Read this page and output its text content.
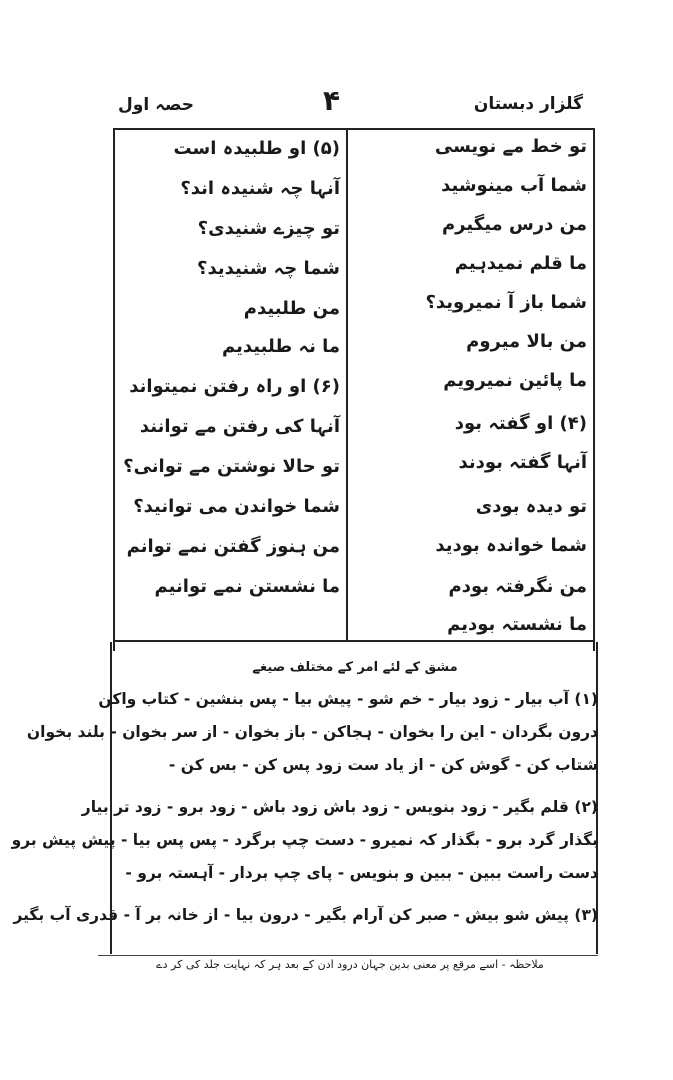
حصہ اول	۴	گلزار دبستان
تو خط مے نویسی
شما آب مینوشید
من درس میگیرم
ما قلم نمیدہیم
شما باز آ نمیروید؟
من بالا میروم
ما پائین نمیرویم
(۴) او گفتہ بود
آنہا گفتہ بودند
تو دیدہ بودی
شما خواندہ بودید
من نگرفتہ بودم
ما نشستہ بودیم
(۵) او طلبیدہ است
آنہا چہ شنیدہ اند؟
تو چیزے شنیدی؟
شما چہ شنیدید؟
من طلبیدم
ما نہ طلبیدیم
(۶) او راہ رفتن نمیتواند
آنہا کی رفتن مے توانند
تو حالا نوشتن مے توانی؟
شما خواندن می توانید؟
من ہنوز گفتن نمے توانم
ما نشستن نمے توانیم
مشق کے لئے امر کے مختلف صیغے
(۱) آب بیار - زود بیار - خم شو - پیش بیا - پس بنشین - کتاب واکن
درون بگردان - این را بخوان - ہجاکن - باز بخوان - از سر بخوان - بلند بخوان
شتاب کن - گوش کن - از یاد ست زود پس کن - بس کن -
(۲) قلم بگیر - زود بنویس - زود باش زود باش - زود برو - زود تر بیار
بگذار گرد برو - بگذار کہ نمیرو - دست چپ برگرد - پس پس بیا - پیش پیش برو
دست راست ببین - ببین و بنویس - پای چپ بردار - آہستہ برو -
(۳) پیش شو بیش - صبر کن آرام بگیر - درون بیا - از خانہ بر آ - قدری آب بگیر
ملاحظہ - اسے مرقع پر معنی بدین جہان درود ادن کے بعد ہر کہ نہایت جلد کی کر دے
